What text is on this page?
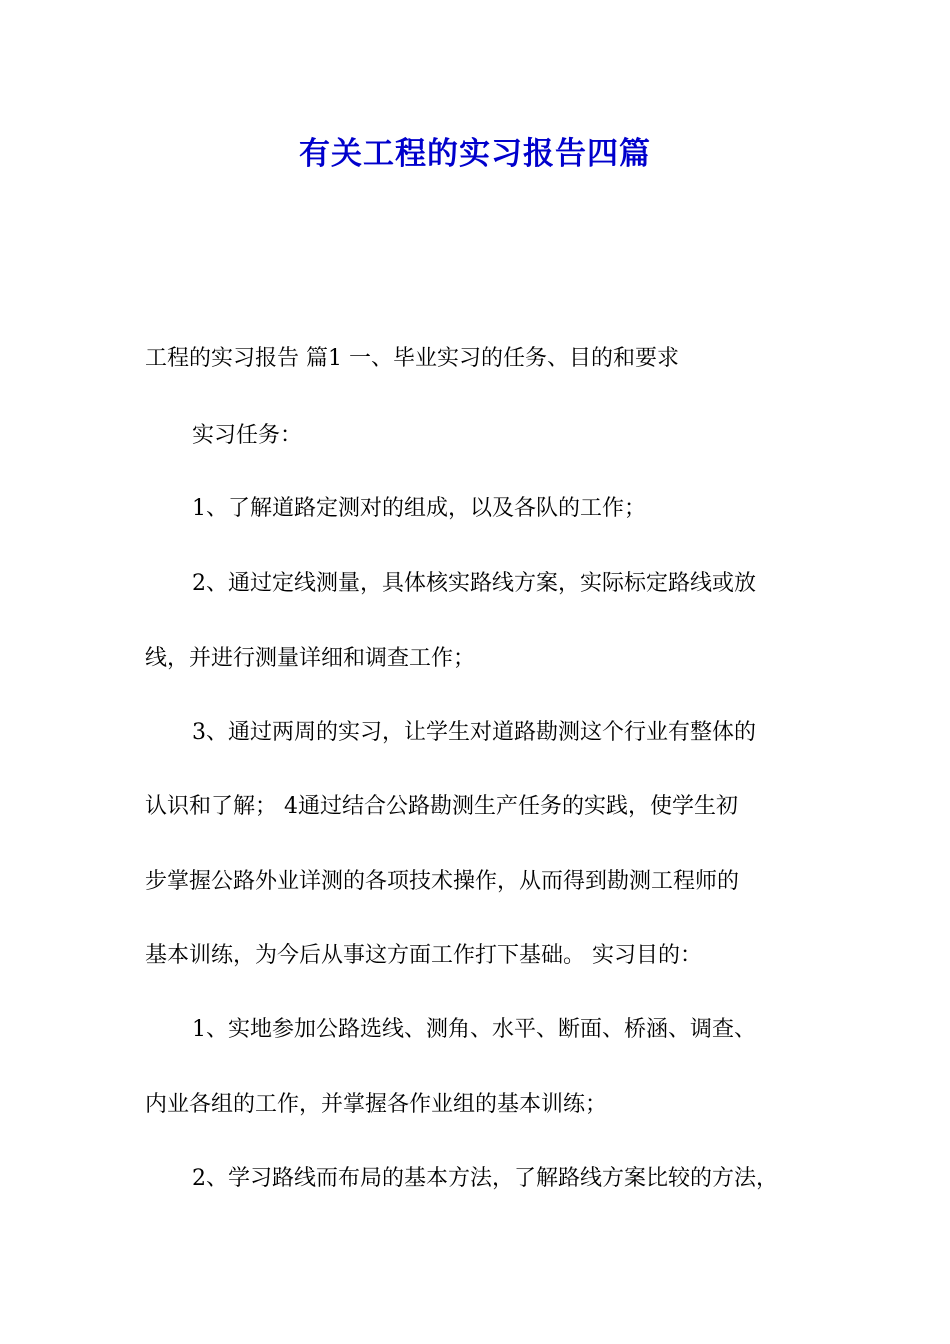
有关工程的实习报告四篇

工程的实习报告 篇1 一、毕业实习的任务、目的和要求

实习任务：

1、了解道路定测对的组成，以及各队的工作；

2、通过定线测量，具体核实路线方案，实际标定路线或放

线，并进行测量详细和调查工作；

3、通过两周的实习，让学生对道路勘测这个行业有整体的

认识和了解； 4通过结合公路勘测生产任务的实践，使学生初

步掌握公路外业详测的各项技术操作，从而得到勘测工程师的

基本训练，为今后从事这方面工作打下基础。 实习目的：

1、实地参加公路选线、测角、水平、断面、桥涵、调查、

内业各组的工作，并掌握各作业组的基本训练；

2、学习路线而布局的基本方法，了解路线方案比较的方法，
